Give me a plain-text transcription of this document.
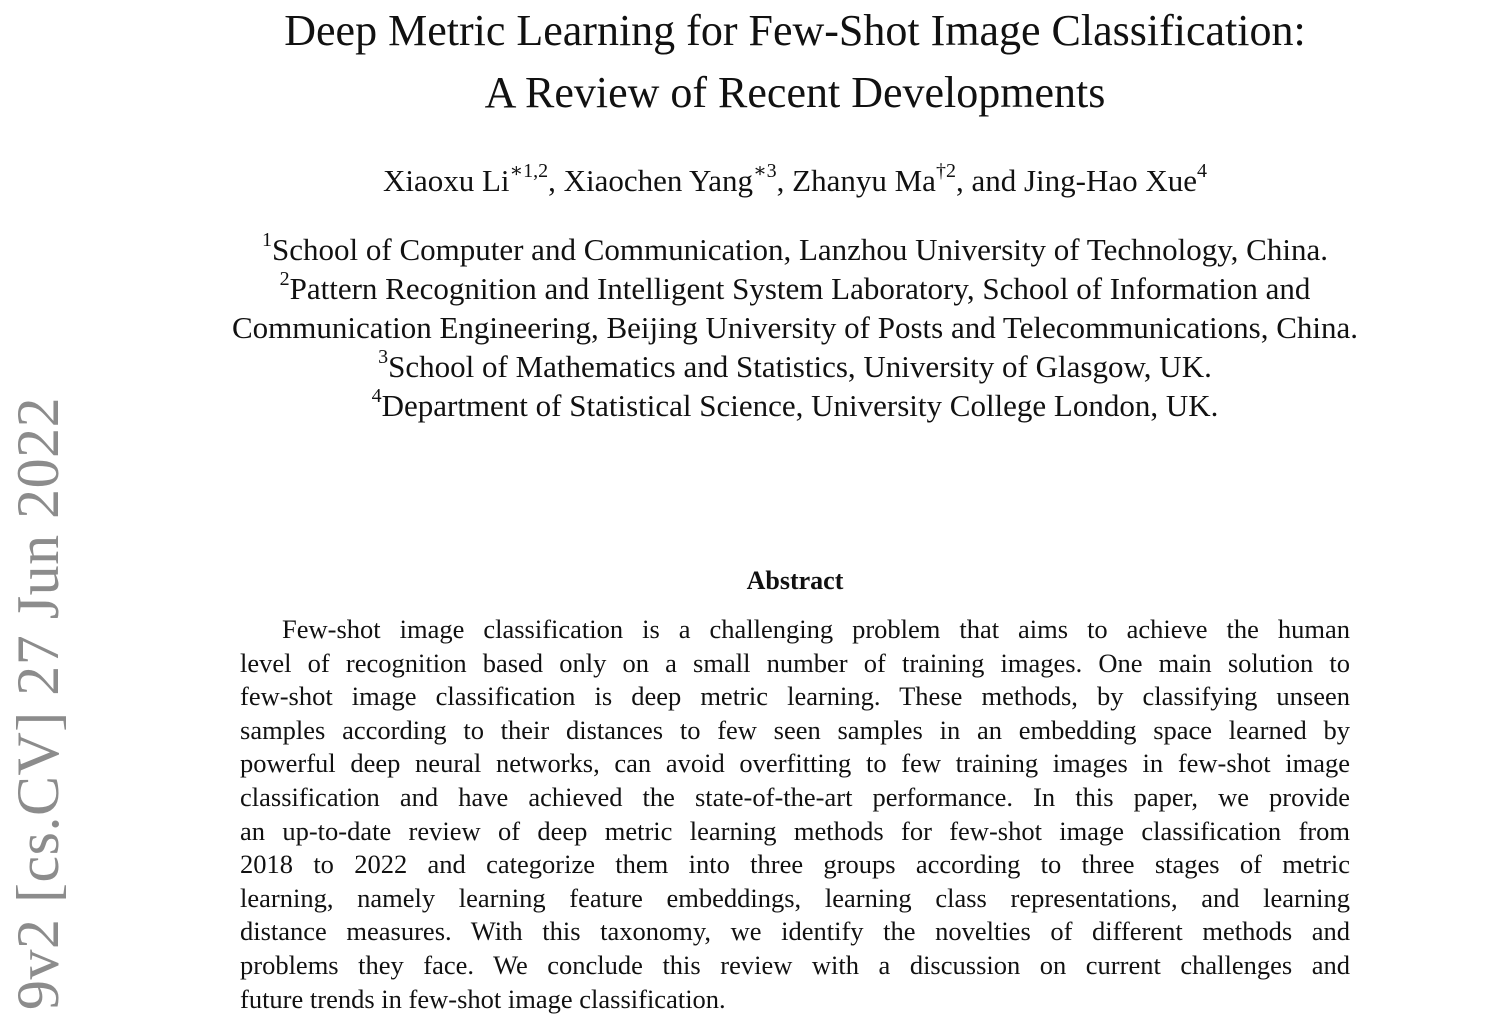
9v2 [cs.CV] 27 Jun 2022
Deep Metric Learning for Few-Shot Image Classification:
A Review of Recent Developments
Xiaoxu $Li^{∗1,2}$, Xiaochen Yang$^{∗3}$, Zhanyu Ma$^{\dagger 2}$, and Jing-Hao Xue$^4$
$^1$School of Computer and Communication, Lanzhou University of Technology, China.
$^2$Pattern Recognition and Intelligent System Laboratory, School of Information and
Communication Engineering, Beijing University of Posts and Telecommunications, China.
$^3$School of Mathematics and Statistics, University of Glasgow, UK.
$^4$Department of Statistical Science, University College London, UK.
Abstract
Few-shot image classification is a challenging problem that aims to achieve the human
level of recognition based only on a small number of training images. One main solution to
few-shot image classification is deep metric learning. These methods, by classifying unseen
samples according to their distances to few seen samples in an embedding space learned by
powerful deep neural networks, can avoid overfitting to few training images in few-shot image
classification and have achieved the state-of-the-art performance. In this paper, we provide
an up-to-date review of deep metric learning methods for few-shot image classification from
2018 to 2022 and categorize them into three groups according to three stages of metric
learning, namely learning feature embeddings, learning class representations, and learning
distance measures. With this taxonomy, we identify the novelties of different methods and
problems they face. We conclude this review with a discussion on current challenges and
future trends in few-shot image classification.
